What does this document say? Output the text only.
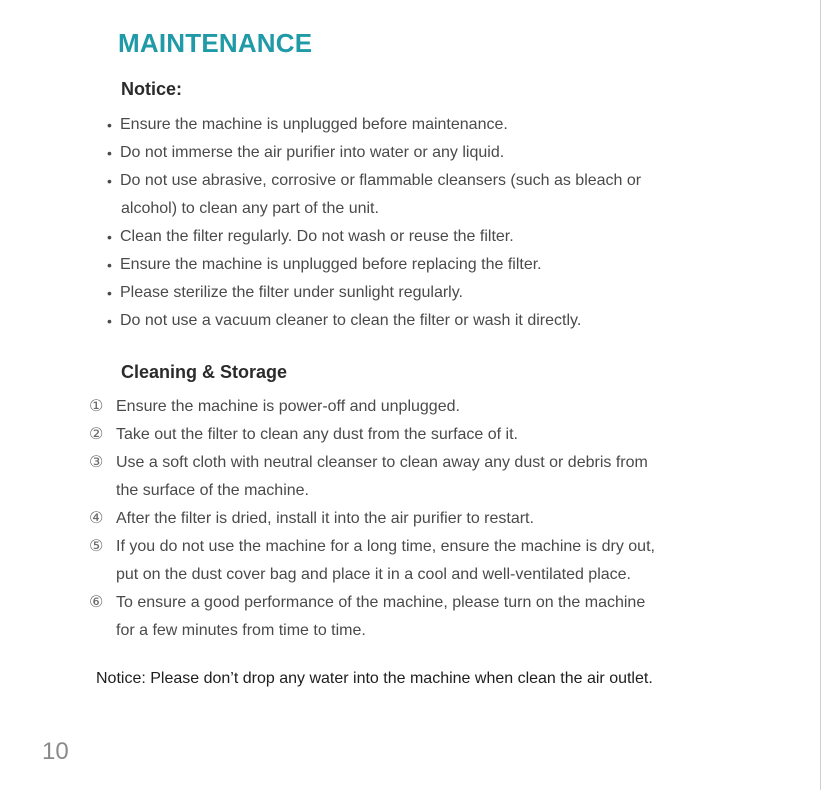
MAINTENANCE
Notice:
• Ensure the machine is unplugged before maintenance.
• Do not immerse the air purifier into water or any liquid.
• Do not use abrasive, corrosive or flammable cleansers (such as bleach or
alcohol) to clean any part of the unit.
• Clean the filter regularly. Do not wash or reuse the filter.
• Ensure the machine is unplugged before replacing the filter.
• Please sterilize the filter under sunlight regularly.
• Do not use a vacuum cleaner to clean the filter or wash it directly.
Cleaning & Storage
① Ensure the machine is power-off and unplugged.
② Take out the filter to clean any dust from the surface of it.
③ Use a soft cloth with neutral cleanser to clean away any dust or debris from
the surface of the machine.
④ After the filter is dried, install it into the air purifier to restart.
⑤ If you do not use the machine for a long time, ensure the machine is dry out,
put on the dust cover bag and place it in a cool and well-ventilated place.
⑥ To ensure a good performance of the machine, please turn on the machine
for a few minutes from time to time.
Notice: Please don’t drop any water into the machine when clean the air outlet.
10
